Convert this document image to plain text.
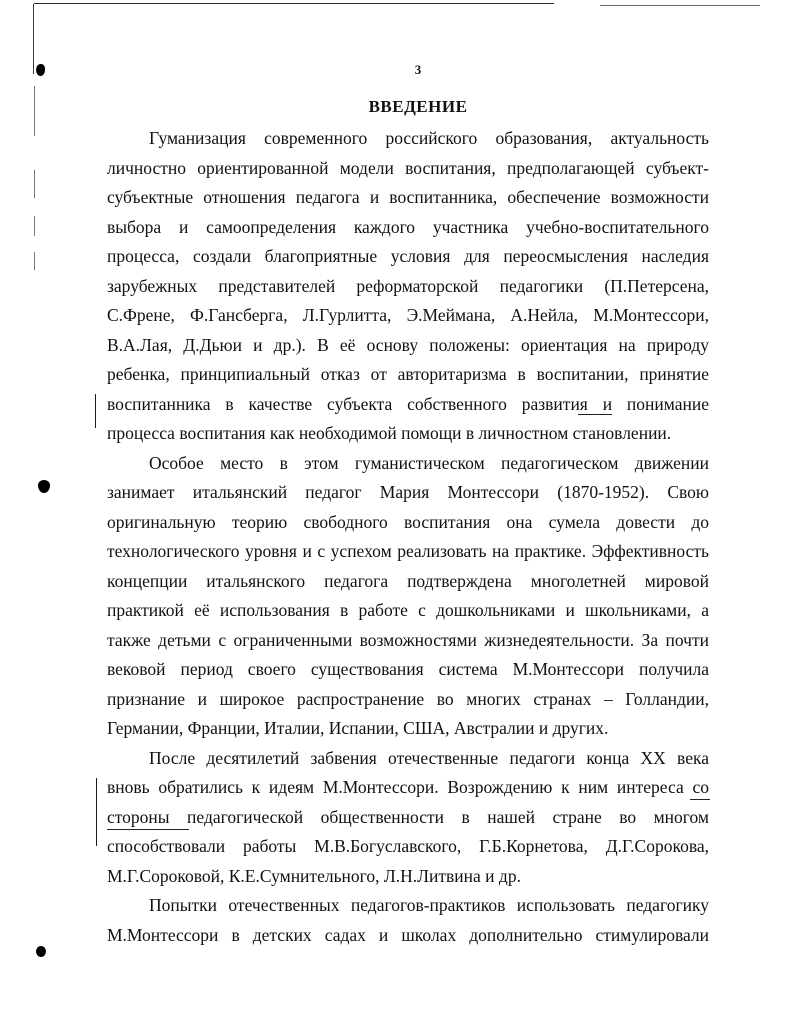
3
ВВЕДЕНИЕ
Гуманизация современного российского образования, актуальность
личностно ориентированной модели воспитания, предполагающей субъект-
субъектные отношения педагога и воспитанника, обеспечение возможности
выбора и самоопределения каждого участника учебно-воспитательного
процесса, создали благоприятные условия для переосмысления наследия
зарубежных представителей реформаторской педагогики (П.Петерсена,
С.Френе, Ф.Гансберга, Л.Гурлитта, Э.Меймана, А.Нейла, М.Монтессори,
В.А.Лая, Д.Дьюи и др.). В её основу положены: ориентация на природу
ребенка, принципиальный отказ от авторитаризма в воспитании, принятие
воспитанника в качестве субъекта собственного развития и понимание
процесса воспитания как необходимой помощи в личностном становлении.
Особое место в этом гуманистическом педагогическом движении
занимает итальянский педагог Мария Монтессори (1870-1952). Свою
оригинальную теорию свободного воспитания она сумела довести до
технологического уровня и с успехом реализовать на практике. Эффективность
концепции итальянского педагога подтверждена многолетней мировой
практикой её использования в работе с дошкольниками и школьниками, а
также детьми с ограниченными возможностями жизнедеятельности. За почти
вековой период своего существования система М.Монтессори получила
признание и широкое распространение во многих странах – Голландии,
Германии, Франции, Италии, Испании, США, Австралии и других.
После десятилетий забвения отечественные педагоги конца XX века
вновь обратились к идеям М.Монтессори. Возрождению к ним интереса со
стороны педагогической общественности в нашей стране во многом
способствовали работы М.В.Богуславского, Г.Б.Корнетова, Д.Г.Сорокова,
М.Г.Сороковой, К.Е.Сумнительного, Л.Н.Литвина и др.
Попытки отечественных педагогов-практиков использовать педагогику
М.Монтессори в детских садах и школах дополнительно стимулировали
